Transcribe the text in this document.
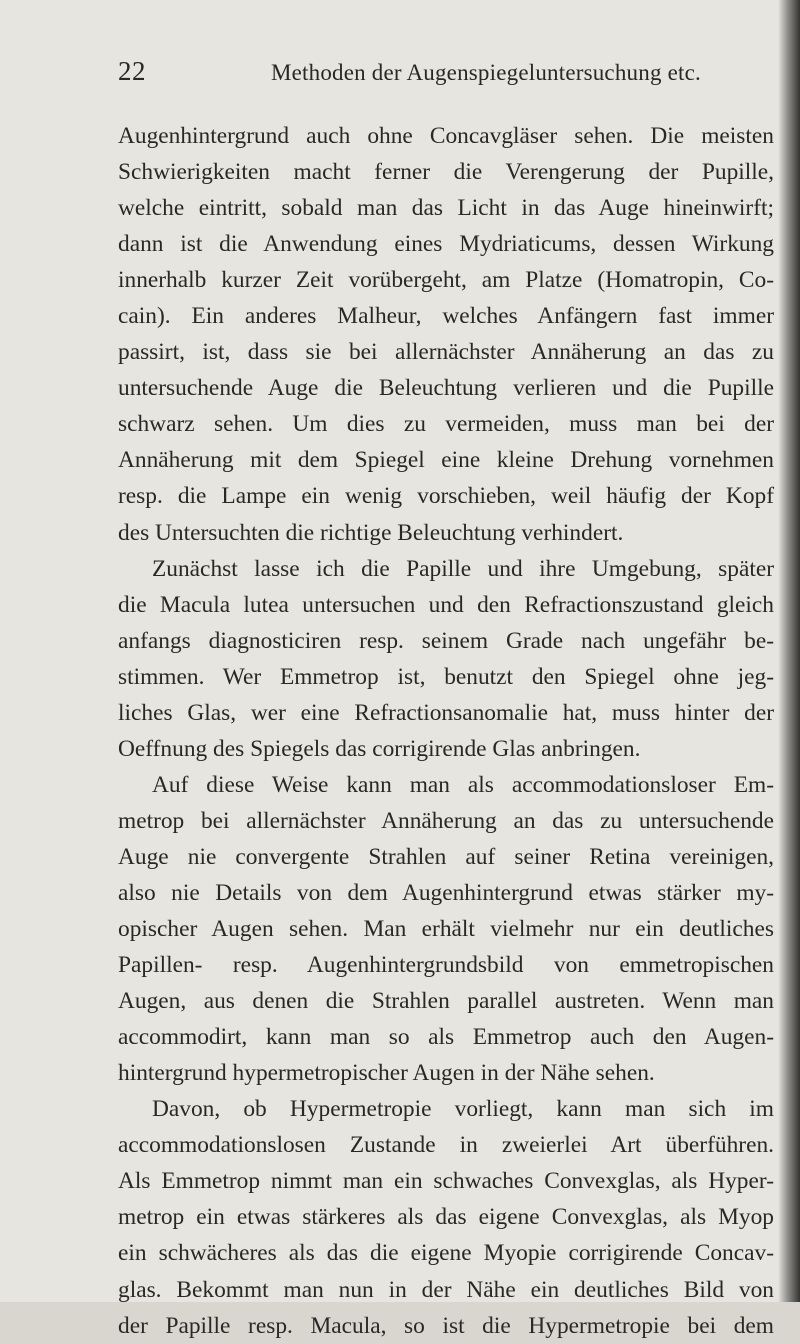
22	Methoden der Augenspiegeluntersuchung etc.
Augenhintergrund auch ohne Concavgläser sehen. Die meisten
Schwierigkeiten macht ferner die Verengerung der Pupille,
welche eintritt, sobald man das Licht in das Auge hineinwirft;
dann ist die Anwendung eines Mydriaticums, dessen Wirkung
innerhalb kurzer Zeit vorübergeht, am Platze (Homatropin, Co-
cain). Ein anderes Malheur, welches Anfängern fast immer
passirt, ist, dass sie bei allernächster Annäherung an das zu
untersuchende Auge die Beleuchtung verlieren und die Pupille
schwarz sehen. Um dies zu vermeiden, muss man bei der
Annäherung mit dem Spiegel eine kleine Drehung vornehmen
resp. die Lampe ein wenig vorschieben, weil häufig der Kopf
des Untersuchten die richtige Beleuchtung verhindert.
Zunächst lasse ich die Papille und ihre Umgebung, später
die Macula lutea untersuchen und den Refractionszustand gleich
anfangs diagnosticiren resp. seinem Grade nach ungefähr be-
stimmen. Wer Emmetrop ist, benutzt den Spiegel ohne jeg-
liches Glas, wer eine Refractionsanomalie hat, muss hinter der
Oeffnung des Spiegels das corrigirende Glas anbringen.
Auf diese Weise kann man als accommodationsloser Em-
metrop bei allernächster Annäherung an das zu untersuchende
Auge nie convergente Strahlen auf seiner Retina vereinigen,
also nie Details von dem Augenhintergrund etwas stärker my-
opischer Augen sehen. Man erhält vielmehr nur ein deutliches
Papillen- resp. Augenhintergrundsbild von emmetropischen
Augen, aus denen die Strahlen parallel austreten. Wenn man
accommodirt, kann man so als Emmetrop auch den Augen-
hintergrund hypermetropischer Augen in der Nähe sehen.
Davon, ob Hypermetropie vorliegt, kann man sich im
accommodationslosen Zustande in zweierlei Art überführen.
Als Emmetrop nimmt man ein schwaches Convexglas, als Hyper-
metrop ein etwas stärkeres als das eigene Convexglas, als Myop
ein schwächeres als das die eigene Myopie corrigirende Concav-
glas. Bekommt man nun in der Nähe ein deutliches Bild von
der Papille resp. Macula, so ist die Hypermetropie bei dem
